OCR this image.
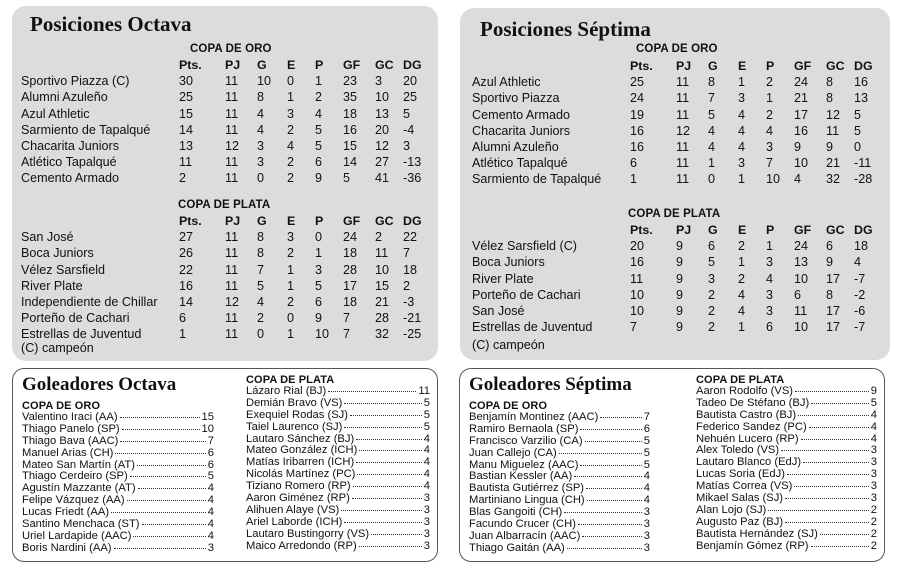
Posiciones Octava
COPA DE ORO
	Pts.	PJ	G	E	P	GF	GC	DG
Sportivo Piazza (C)	30	11	10	0	1	23	3	20
Alumni Azuleño	25	11	8	1	2	35	10	25
Azul Athletic	15	11	4	3	4	18	13	5
Sarmiento de Tapalqué	14	11	4	2	5	16	20	-4
Chacarita Juniors	13	12	3	4	5	15	12	3
Atlético Tapalqué	11	11	3	2	6	14	27	-13
Cemento Armado	2	11	0	2	9	5	41	-36
COPA DE PLATA
	Pts.	PJ	G	E	P	GF	GC	DG
San José	27	11	8	3	0	24	2	22
Boca Juniors	26	11	8	2	1	18	11	7
Vélez Sarsfield	22	11	7	1	3	28	10	18
River Plate	16	11	5	1	5	17	15	2
Independiente de Chillar	14	12	4	2	6	18	21	-3
Porteño de Cachari	6	11	2	0	9	7	28	-21
Estrellas de Juventud	1	11	0	1	10	7	32	-25
(C) campeón
Posiciones Séptima
COPA DE ORO
	Pts.	PJ	G	E	P	GF	GC	DG
Azul Athletic	25	11	8	1	2	24	8	16
Sportivo Piazza	24	11	7	3	1	21	8	13
Cemento Armado	19	11	5	4	2	17	12	5
Chacarita Juniors	16	12	4	4	4	16	11	5
Alumni Azuleño	16	11	4	4	3	9	9	0
Atlético Tapalqué	6	11	1	3	7	10	21	-11
Sarmiento de Tapalqué	1	11	0	1	10	4	32	-28
COPA DE PLATA
	Pts.	PJ	G	E	P	GF	GC	DG
Vélez Sarsfield (C)	20	9	6	2	1	24	6	18
Boca Juniors	16	9	5	1	3	13	9	4
River Plate	11	9	3	2	4	10	17	-7
Porteño de Cachari	10	9	2	4	3	6	8	-2
San José	10	9	2	4	3	11	17	-6
Estrellas de Juventud	7	9	2	1	6	10	17	-7
(C) campeón
Goleadores Octava
COPA DE ORO
Valentino Iraci (AA)	15
Thiago Panelo (SP)	10
Thiago Bava (AAC)	7
Manuel Arias (CH)	6
Mateo San Martín (AT)	6
Thiago Cerdeiro (SP)	5
Agustín Mazzante (AT)	4
Felipe Vázquez (AA)	4
Lucas Friedt (AA)	4
Santino Menchaca (ST)	4
Uriel Lardapide (AAC)	4
Boris Nardini (AA)	3
COPA DE PLATA
Lázaro Rial (BJ)	11
Demián Bravo (VS)	5
Exequiel Rodas (SJ)	5
Taiel Laurenco (SJ)	5
Lautaro Sánchez (BJ)	4
Mateo González (ICH)	4
Matías Iribarren (ICH)	4
Nicolás Martínez (PC)	4
Tiziano Romero (RP)	4
Aaron Giménez (RP)	3
Alihuen Alaye (VS)	3
Ariel Laborde (ICH)	3
Lautaro Bustingorry (VS)	3
Maico Arredondo (RP)	3
Goleadores Séptima
COPA DE ORO
Benjamín Montinez (AAC)	7
Ramiro Bernaola (SP)	6
Francisco Varzilio (CA)	5
Juan Callejo (CA)	5
Manu Miguelez (AAC)	5
Bastian Kessler (AA)	4
Bautista Gutiérrez (SP)	4
Martiniano Lingua (CH)	4
Blas Gangoiti (CH)	3
Facundo Crucer (CH)	3
Juan Albarracín (AAC)	3
Thiago Gaitán (AA)	3
COPA DE PLATA
Aaron Rodolfo (VS)	9
Tadeo De Stéfano (BJ)	5
Bautista Castro (BJ)	4
Federico Sandez (PC)	4
Nehuén Lucero (RP)	4
Alex Toledo (VS)	3
Lautaro Blanco (EdJ)	3
Lucas Soria (EdJ)	3
Matías Correa (VS)	3
Mikael Salas (SJ)	3
Alan Lojo (SJ)	2
Augusto Paz (BJ)	2
Bautista Hernández (SJ)	2
Benjamín Gómez (RP)	2
